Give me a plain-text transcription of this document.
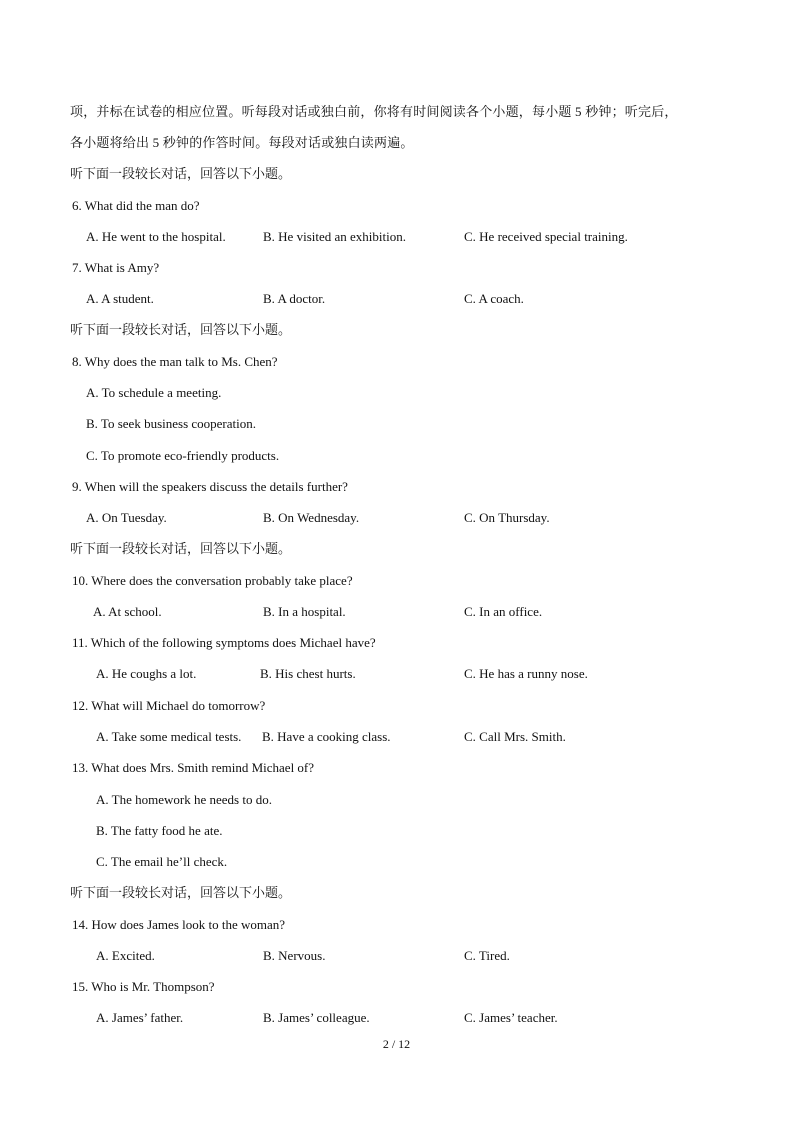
项，并标在试卷的相应位置。听每段对话或独白前，你将有时间阅读各个小题，每小题 5 秒钟；听完后，
各小题将给出 5 秒钟的作答时间。每段对话或独白读两遍。
听下面一段较长对话，回答以下小题。
6. What did the man do?
A. He went to the hospital.	B. He visited an exhibition.	C. He received special training.
7. What is Amy?
A. A student.	B. A doctor.	C. A coach.
听下面一段较长对话，回答以下小题。
8. Why does the man talk to Ms. Chen?
A. To schedule a meeting.
B. To seek business cooperation.
C. To promote eco-friendly products.
9. When will the speakers discuss the details further?
A. On Tuesday.	B. On Wednesday.	C. On Thursday.
听下面一段较长对话，回答以下小题。
10. Where does the conversation probably take place?
A. At school.	B. In a hospital.	C. In an office.
11. Which of the following symptoms does Michael have?
A. He coughs a lot.	B. His chest hurts.	C. He has a runny nose.
12. What will Michael do tomorrow?
A. Take some medical tests. B. Have a cooking class.	C. Call Mrs. Smith.
13. What does Mrs. Smith remind Michael of?
A. The homework he needs to do.
B. The fatty food he ate.
C. The email he’ll check.
听下面一段较长对话，回答以下小题。
14. How does James look to the woman?
A. Excited.	B. Nervous.	C. Tired.
15. Who is Mr. Thompson?
A. James’ father.	B. James’ colleague.	C. James’ teacher.
2 / 12
